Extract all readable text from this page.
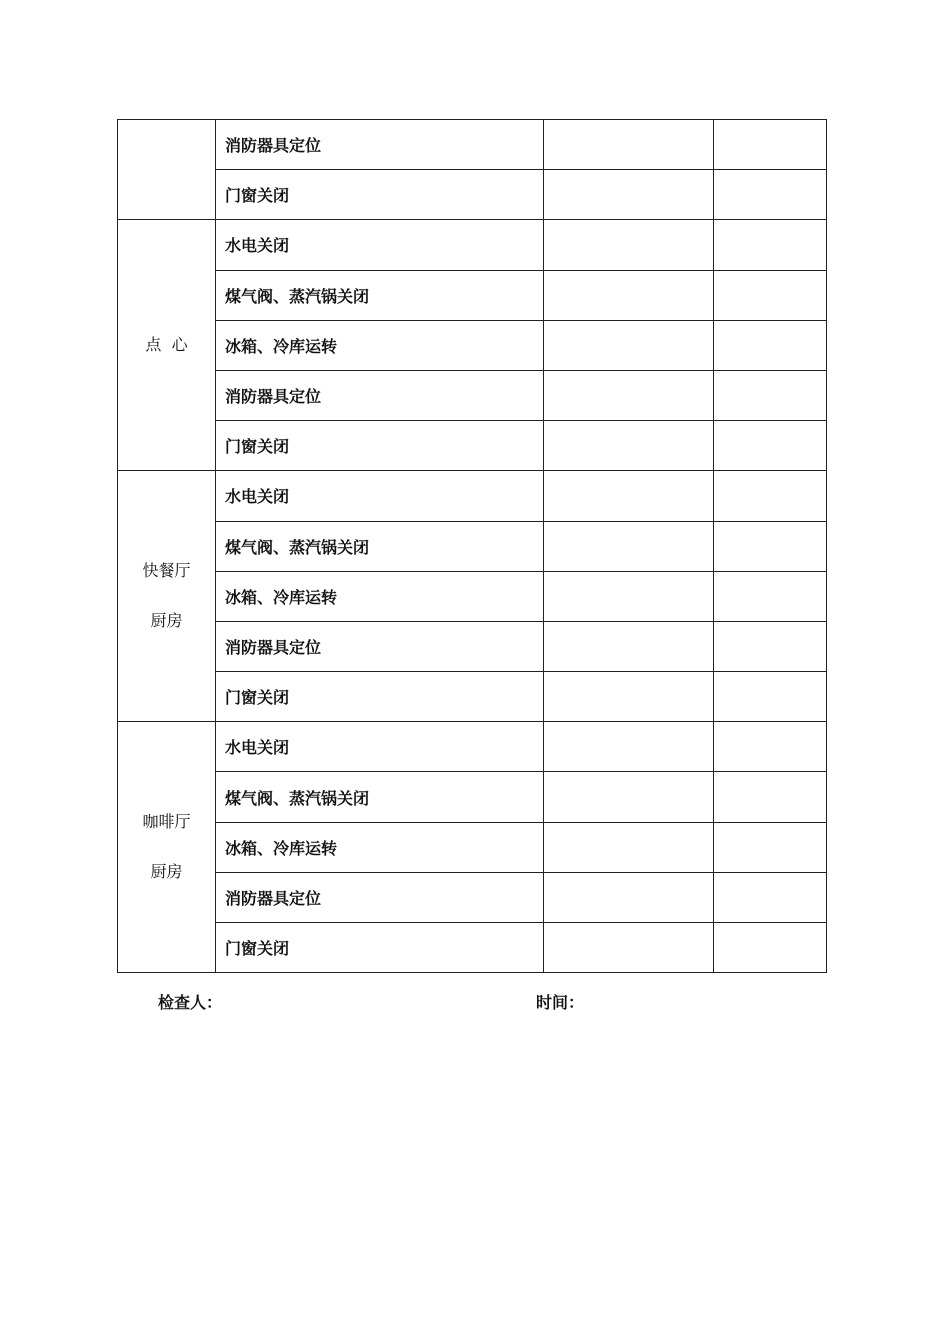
	消防器具定位		
	门窗关闭		

点  心	水电关闭		
	煤气阀、蒸汽锅关闭		
	冰箱、冷库运转		
	消防器具定位		
	门窗关闭		

快餐厅
厨房	水电关闭		
	煤气阀、蒸汽锅关闭		
	冰箱、冷库运转		
	消防器具定位		
	门窗关闭		

咖啡厅
厨房	水电关闭		
	煤气阀、蒸汽锅关闭		
	冰箱、冷库运转		
	消防器具定位		
	门窗关闭		
检查人：	时间：
